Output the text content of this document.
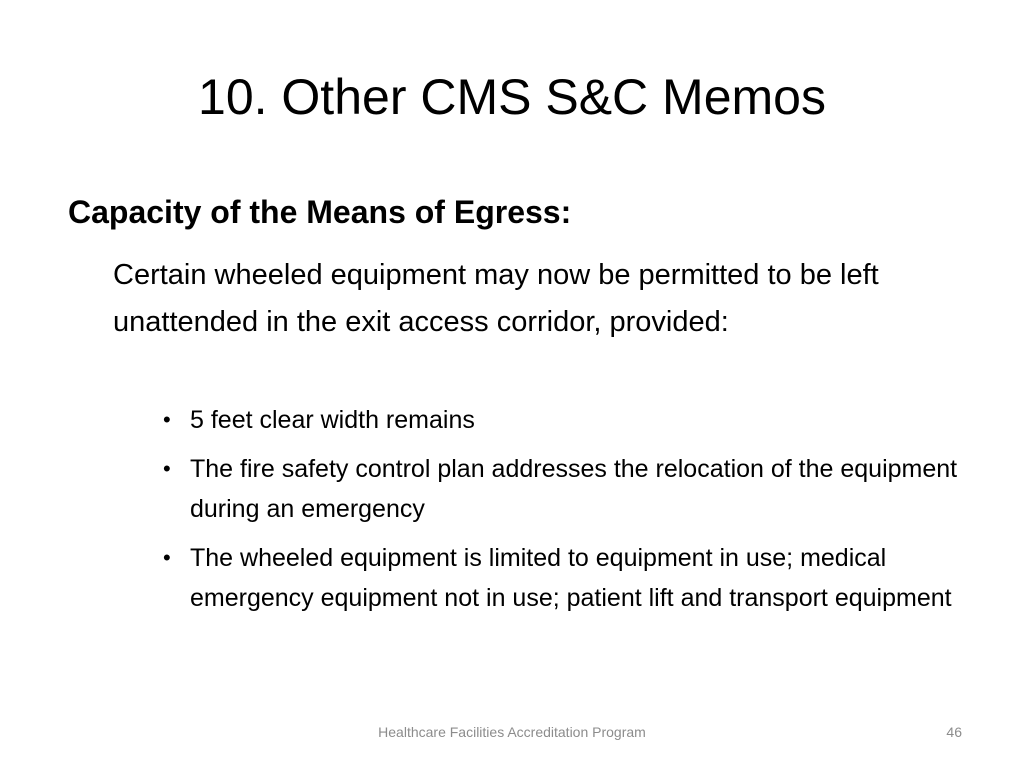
10. Other CMS S&C Memos
Capacity of the Means of Egress:

Certain wheeled equipment may now be permitted to be left unattended in the exit access corridor, provided:

• 5 feet clear width remains
• The fire safety control plan addresses the relocation of the equipment during an emergency
• The wheeled equipment is limited to equipment in use; medical emergency equipment not in use; patient lift and transport equipment
Healthcare Facilities Accreditation Program	46
